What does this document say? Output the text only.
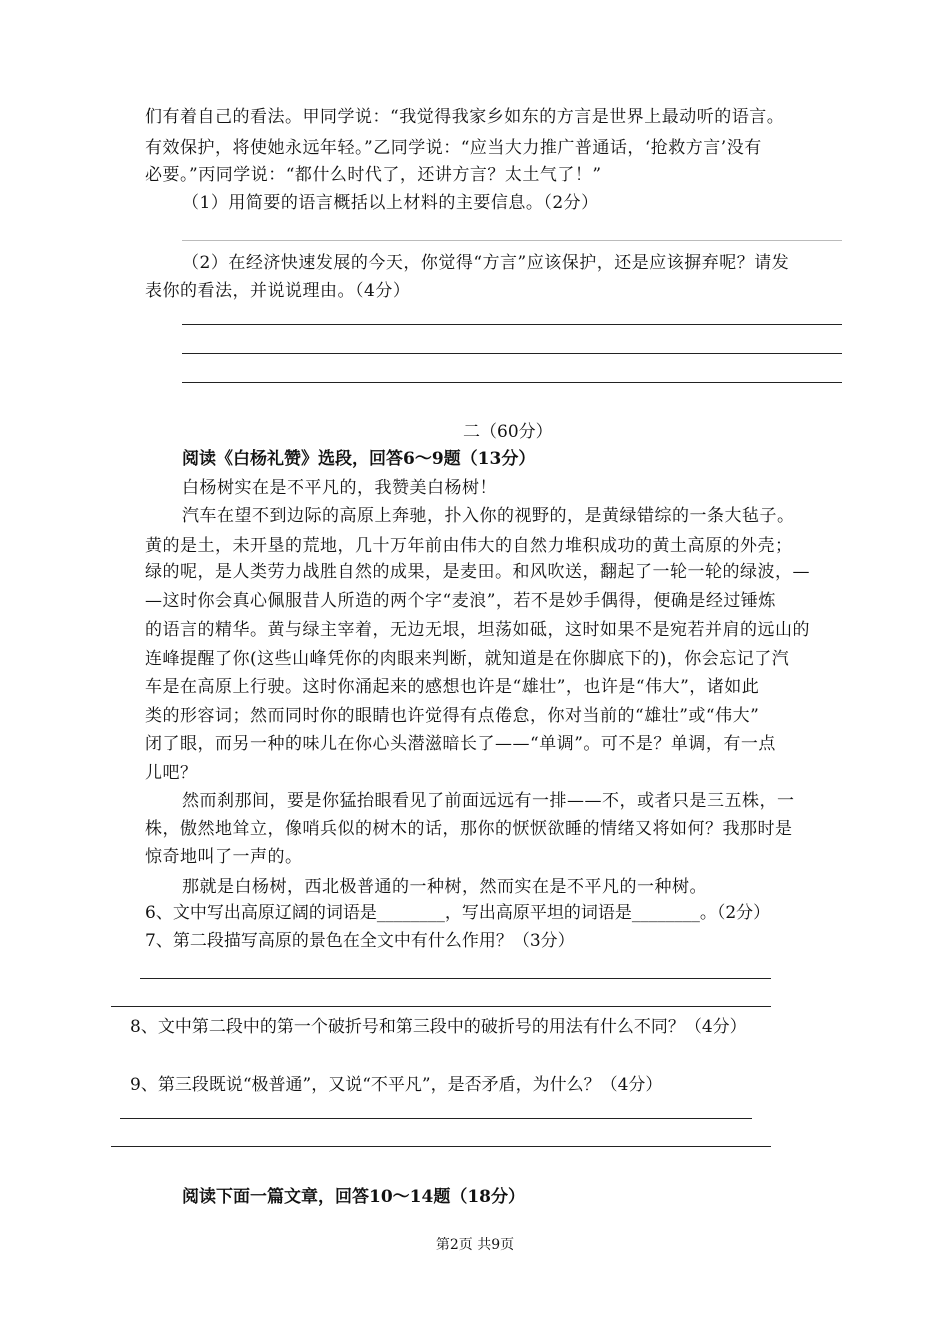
们有着自己的看法。甲同学说：“我觉得我家乡如东的方言是世界上最动听的语言。
有效保护，将使她永远年轻。”乙同学说：“应当大力推广普通话，‘抢救方言’没有
必要。”丙同学说：“都什么时代了，还讲方言？太土气了！”
（1）用简要的语言概括以上材料的主要信息。（2分）
（2）在经济快速发展的今天，你觉得“方言”应该保护，还是应该摒弃呢？请发
表你的看法，并说说理由。（4分）
二（60分）
阅读《白杨礼赞》选段，回答6～9题（13分）
白杨树实在是不平凡的，我赞美白杨树！
汽车在望不到边际的高原上奔驰，扑入你的视野的，是黄绿错综的一条大毡子。
黄的是土，未开垦的荒地，几十万年前由伟大的自然力堆积成功的黄土高原的外壳；
绿的呢，是人类劳力战胜自然的成果，是麦田。和风吹送，翻起了一轮一轮的绿波，—
—这时你会真心佩服昔人所造的两个字“麦浪”，若不是妙手偶得，便确是经过锤炼
的语言的精华。黄与绿主宰着，无边无垠，坦荡如砥，这时如果不是宛若并肩的远山的
连峰提醒了你(这些山峰凭你的肉眼来判断，就知道是在你脚底下的)，你会忘记了汽
车是在高原上行驶。这时你涌起来的感想也许是“雄壮”，也许是“伟大”，诸如此
类的形容词；然而同时你的眼睛也许觉得有点倦怠，你对当前的“雄壮”或“伟大”
闭了眼，而另一种的味儿在你心头潜滋暗长了——“单调”。可不是？单调，有一点
儿吧？
然而刹那间，要是你猛抬眼看见了前面远远有一排——不，或者只是三五株，一
株，傲然地耸立，像哨兵似的树木的话，那你的恹恹欲睡的情绪又将如何？我那时是
惊奇地叫了一声的。
那就是白杨树，西北极普通的一种树，然而实在是不平凡的一种树。
6、文中写出高原辽阔的词语是________，写出高原平坦的词语是________。（2分）
7、第二段描写高原的景色在全文中有什么作用？（3分）
8、文中第二段中的第一个破折号和第三段中的破折号的用法有什么不同？（4分）
9、第三段既说“极普通”，又说“不平凡”，是否矛盾，为什么？（4分）
阅读下面一篇文章，回答10～14题（18分）
第2页 共9页
